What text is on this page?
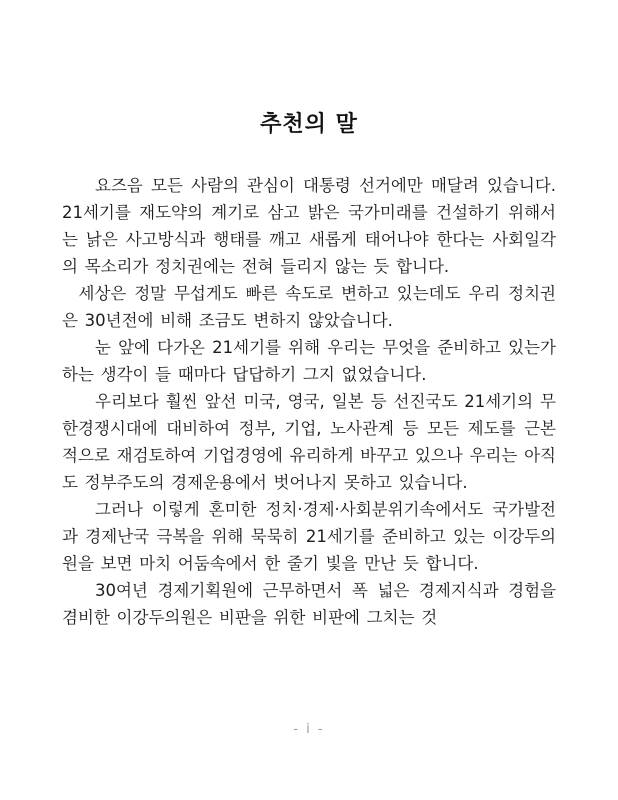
추천의 말

요즈음 모든 사람의 관심이 대통령 선거에만 매달려 있습니다. 21세기를 재도약의 계기로 삼고 밝은 국가미래를 건설하기 위해서는 낡은 사고방식과 행태를 깨고 새롭게 태어나야 한다는 사회일각의 목소리가 정치권에는 전혀 들리지 않는 듯 합니다.

세상은 정말 무섭게도 빠른 속도로 변하고 있는데도 우리 정치권은 30년전에 비해 조금도 변하지 않았습니다.

눈 앞에 다가온 21세기를 위해 우리는 무엇을 준비하고 있는가 하는 생각이 들 때마다 답답하기 그지 없었습니다.

우리보다 훨씬 앞선 미국, 영국, 일본 등 선진국도 21세기의 무한경쟁시대에 대비하여 정부, 기업, 노사관계 등 모든 제도를 근본적으로 재검토하여 기업경영에 유리하게 바꾸고 있으나 우리는 아직도 정부주도의 경제운용에서 벗어나지 못하고 있습니다.

그러나 이렇게 혼미한 정치·경제·사회분위기속에서도 국가발전과 경제난국 극복을 위해 묵묵히 21세기를 준비하고 있는 이강두의원을 보면 마치 어둠속에서 한 줄기 빛을 만난 듯 합니다.

30여년 경제기획원에 근무하면서 폭 넓은 경제지식과 경험을 겸비한 이강두의원은 비판을 위한 비판에 그치는 것

- i -
